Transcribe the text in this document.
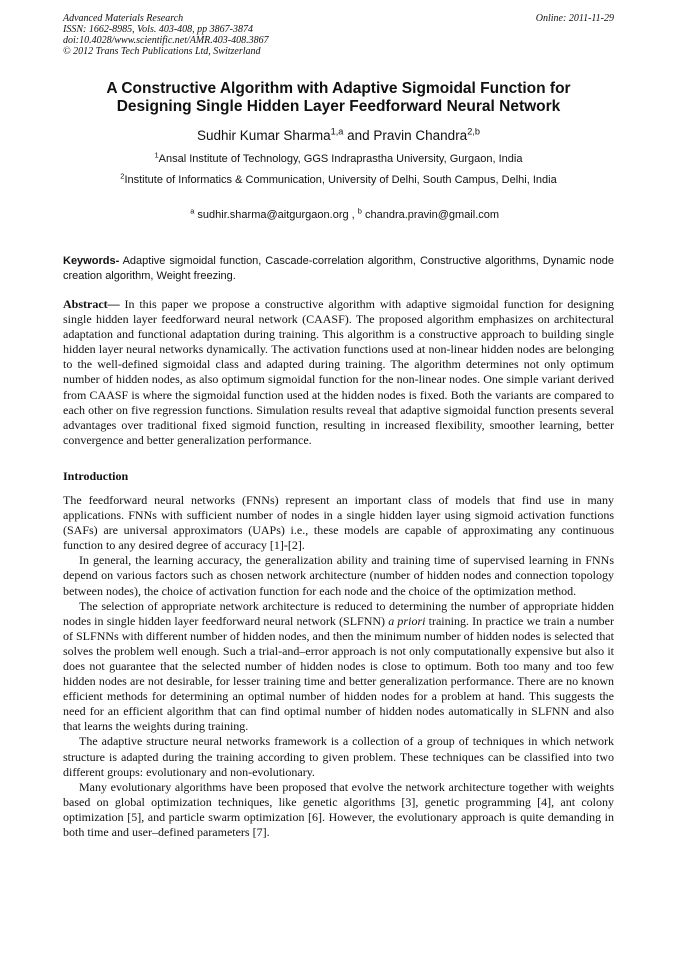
Advanced Materials Research
ISSN: 1662-8985, Vols. 403-408, pp 3867-3874
doi:10.4028/www.scientific.net/AMR.403-408.3867
© 2012 Trans Tech Publications Ltd, Switzerland
Online: 2011-11-29
A Constructive Algorithm with Adaptive Sigmoidal Function for
Designing Single Hidden Layer Feedforward Neural Network
Sudhir Kumar Sharma$^{1,a}$ and Pravin Chandra$^{2,b}$
$^1$Ansal Institute of Technology, GGS Indraprastha University, Gurgaon, India
$^2$Institute of Informatics & Communication, University of Delhi, South Campus, Delhi, India

$^a$ sudhir.sharma@aitgurgaon.org , $^b$ chandra.pravin@gmail.com

Keywords- Adaptive sigmoidal function, Cascade-correlation algorithm, Constructive algorithms, Dynamic node creation algorithm, Weight freezing.
Abstract— In this paper we propose a constructive algorithm with adaptive sigmoidal function for designing single hidden layer feedforward neural network (CAASF). The proposed algorithm emphasizes on architectural adaptation and functional adaptation during training. This algorithm is a constructive approach to building single hidden layer neural networks dynamically. The activation functions used at non-linear hidden nodes are belonging to the well-defined sigmoidal class and adapted during training. The algorithm determines not only optimum number of hidden nodes, as also optimum sigmoidal function for the non-linear nodes. One simple variant derived from CAASF is where the sigmoidal function used at the hidden nodes is fixed. Both the variants are compared to each other on five regression functions. Simulation results reveal that adaptive sigmoidal function presents several advantages over traditional fixed sigmoid function, resulting in increased flexibility, smoother learning, better convergence and better generalization performance.
Introduction
The feedforward neural networks (FNNs) represent an important class of models that find use in many applications. FNNs with sufficient number of nodes in a single hidden layer using sigmoid activation functions (SAFs) are universal approximators (UAPs) i.e., these models are capable of approximating any continuous function to any desired degree of accuracy [1]-[2].
In general, the learning accuracy, the generalization ability and training time of supervised learning in FNNs depend on various factors such as chosen network architecture (number of hidden nodes and connection topology between nodes), the choice of activation function for each node and the choice of the optimization method.
The selection of appropriate network architecture is reduced to determining the number of appropriate hidden nodes in single hidden layer feedforward neural network (SLFNN) a priori training. In practice we train a number of SLFNNs with different number of hidden nodes, and then the minimum number of hidden nodes is selected that solves the problem well enough. Such a trial-and–error approach is not only computationally expensive but also it does not guarantee that the selected number of hidden nodes is close to optimum. Both too many and too few hidden nodes are not desirable, for lesser training time and better generalization performance. There are no known efficient methods for determining an optimal number of hidden nodes for a problem at hand. This suggests the need for an efficient algorithm that can find optimal number of hidden nodes automatically in SLFNN and also that learns the weights during training.
The adaptive structure neural networks framework is a collection of a group of techniques in which network structure is adapted during the training according to given problem. These techniques can be classified into two different groups: evolutionary and non-evolutionary.
Many evolutionary algorithms have been proposed that evolve the network architecture together with weights based on global optimization techniques, like genetic algorithms [3], genetic programming [4], ant colony optimization [5], and particle swarm optimization [6]. However, the evolutionary approach is quite demanding in both time and user–defined parameters [7].
